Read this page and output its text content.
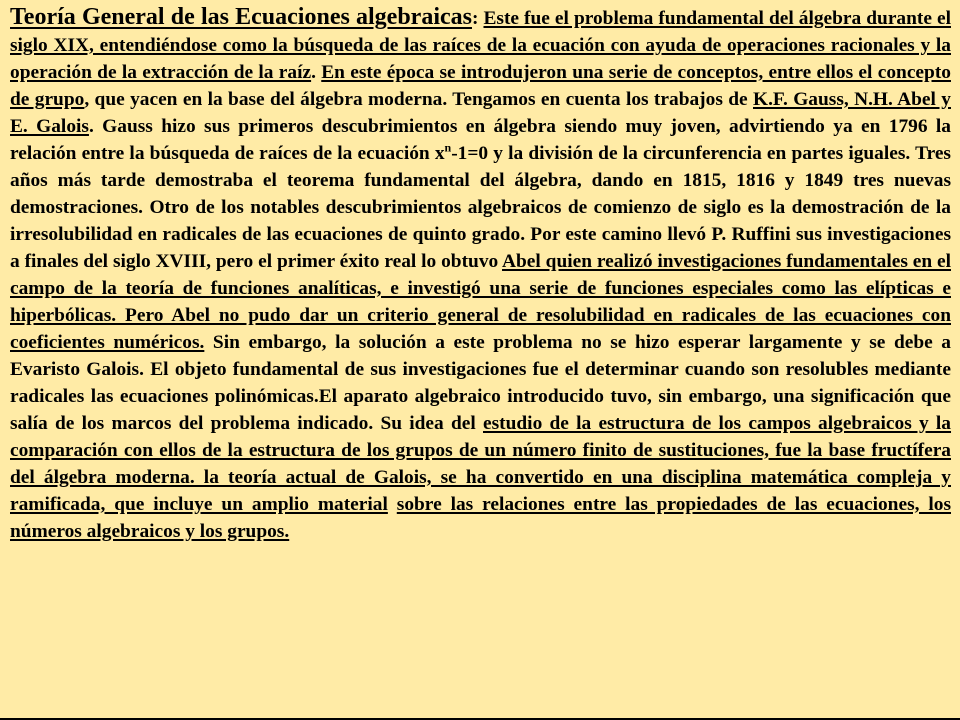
Teoría General de las Ecuaciones algebraicas: Este fue el problema fundamental del álgebra durante el siglo XIX, entendiéndose como la búsqueda de las raíces de la ecuación con ayuda de operaciones racionales y la operación de la extracción de la raíz. En este época se introdujeron una serie de conceptos, entre ellos el concepto de grupo, que yacen en la base del álgebra moderna. Tengamos en cuenta los trabajos de K.F. Gauss, N.H. Abel y E. Galois. Gauss hizo sus primeros descubrimientos en álgebra siendo muy joven, advirtiendo ya en 1796 la relación entre la búsqueda de raíces de la ecuación $x^n-1=0$ y la división de la circunferencia en partes iguales. Tres años más tarde demostraba el teorema fundamental del álgebra, dando en 1815, 1816 y 1849 tres nuevas demostraciones. Otro de los notables descubrimientos algebraicos de comienzo de siglo es la demostración de la irresolubilidad en radicales de las ecuaciones de quinto grado. Por este camino llevó P. Ruffini sus investigaciones a finales del siglo XVIII, pero el primer éxito real lo obtuvo Abel quien realizó investigaciones fundamentales en el campo de la teoría de funciones analíticas, e investigó una serie de funciones especiales como las elípticas e hiperbólicas. Pero Abel no pudo dar un criterio general de resolubilidad en radicales de las ecuaciones con coeficientes numéricos. Sin embargo, la solución a este problema no se hizo esperar largamente y se debe a Evaristo Galois. El objeto fundamental de sus investigaciones fue el determinar cuando son resolubles mediante radicales las ecuaciones polinómicas.El aparato algebraico introducido tuvo, sin embargo, una significación que salía de los marcos del problema indicado. Su idea del estudio de la estructura de los campos algebraicos y la comparación con ellos de la estructura de los grupos de un número finito de sustituciones, fue la base fructífera del álgebra moderna. la teoría actual de Galois, se ha convertido en una disciplina matemática compleja y ramificada, que incluye un amplio material sobre las relaciones entre las propiedades de las ecuaciones, los números algebraicos y los grupos.
